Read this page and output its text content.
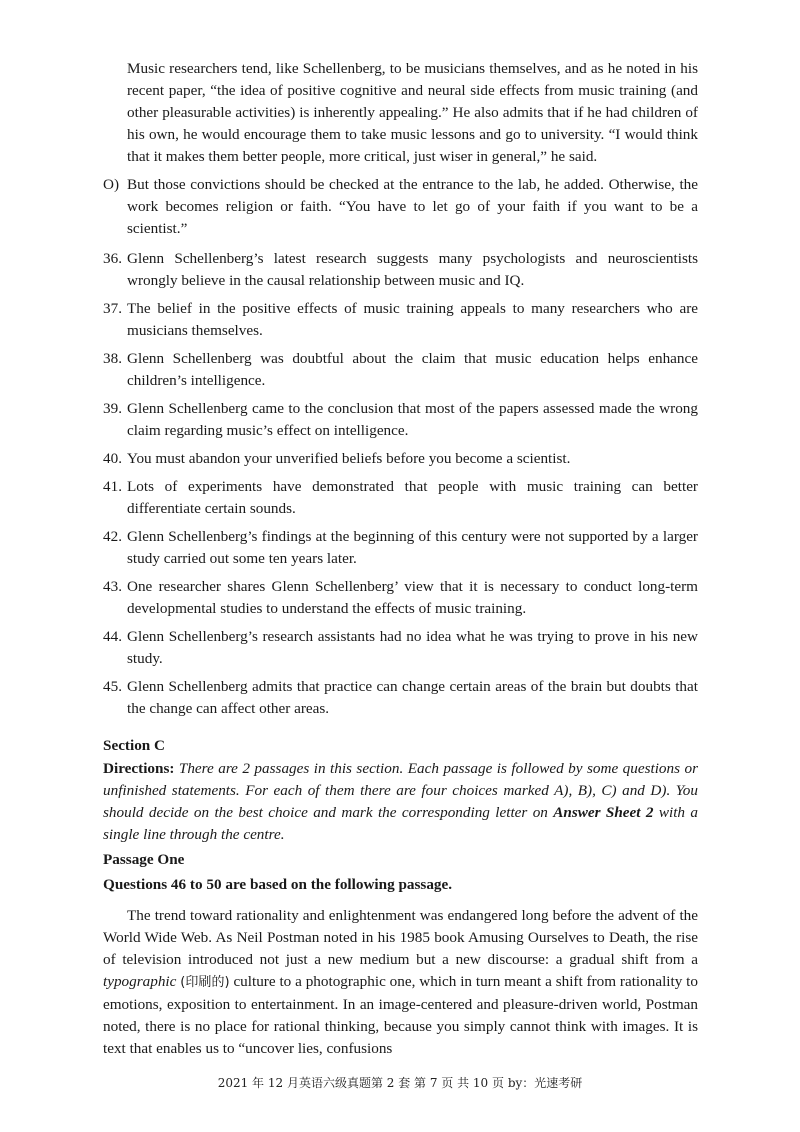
Music researchers tend, like Schellenberg, to be musicians themselves, and as he noted in his recent paper, “the idea of positive cognitive and neural side effects from music training (and other pleasurable activities) is inherently appealing.” He also admits that if he had children of his own, he would encourage them to take music lessons and go to university. “I would think that it makes them better people, more critical, just wiser in general,” he said.

O) But those convictions should be checked at the entrance to the lab, he added. Otherwise, the work becomes religion or faith. “You have to let go of your faith if you want to be a scientist.”
36. Glenn Schellenberg’s latest research suggests many psychologists and neuroscientists wrongly believe in the causal relationship between music and IQ.
37. The belief in the positive effects of music training appeals to many researchers who are musicians themselves.
38. Glenn Schellenberg was doubtful about the claim that music education helps enhance children’s intelligence.
39. Glenn Schellenberg came to the conclusion that most of the papers assessed made the wrong claim regarding music’s effect on intelligence.
40. You must abandon your unverified beliefs before you become a scientist.
41. Lots of experiments have demonstrated that people with music training can better differentiate certain sounds.
42. Glenn Schellenberg’s findings at the beginning of this century were not supported by a larger study carried out some ten years later.
43. One researcher shares Glenn Schellenberg’ view that it is necessary to conduct long-term developmental studies to understand the effects of music training.
44. Glenn Schellenberg’s research assistants had no idea what he was trying to prove in his new study.
45. Glenn Schellenberg admits that practice can change certain areas of the brain but doubts that the change can affect other areas.

Section C

Directions: There are 2 passages in this section. Each passage is followed by some questions or unfinished statements. For each of them there are four choices marked A), B), C) and D). You should decide on the best choice and mark the corresponding letter on Answer Sheet 2 with a single line through the centre.

Passage One

Questions 46 to 50 are based on the following passage.

The trend toward rationality and enlightenment was endangered long before the advent of the World Wide Web. As Neil Postman noted in his 1985 book Amusing Ourselves to Death, the rise of television introduced not just a new medium but a new discourse: a gradual shift from a typographic (印刷的) culture to a photographic one, which in turn meant a shift from rationality to emotions, exposition to entertainment. In an image-centered and pleasure-driven world, Postman noted, there is no place for rational thinking, because you simply cannot think with images. It is text that enables us to “uncover lies, confusions

2021 年 12 月英语六级真题第 2 套 第 7 页 共 10 页 by：光速考研
